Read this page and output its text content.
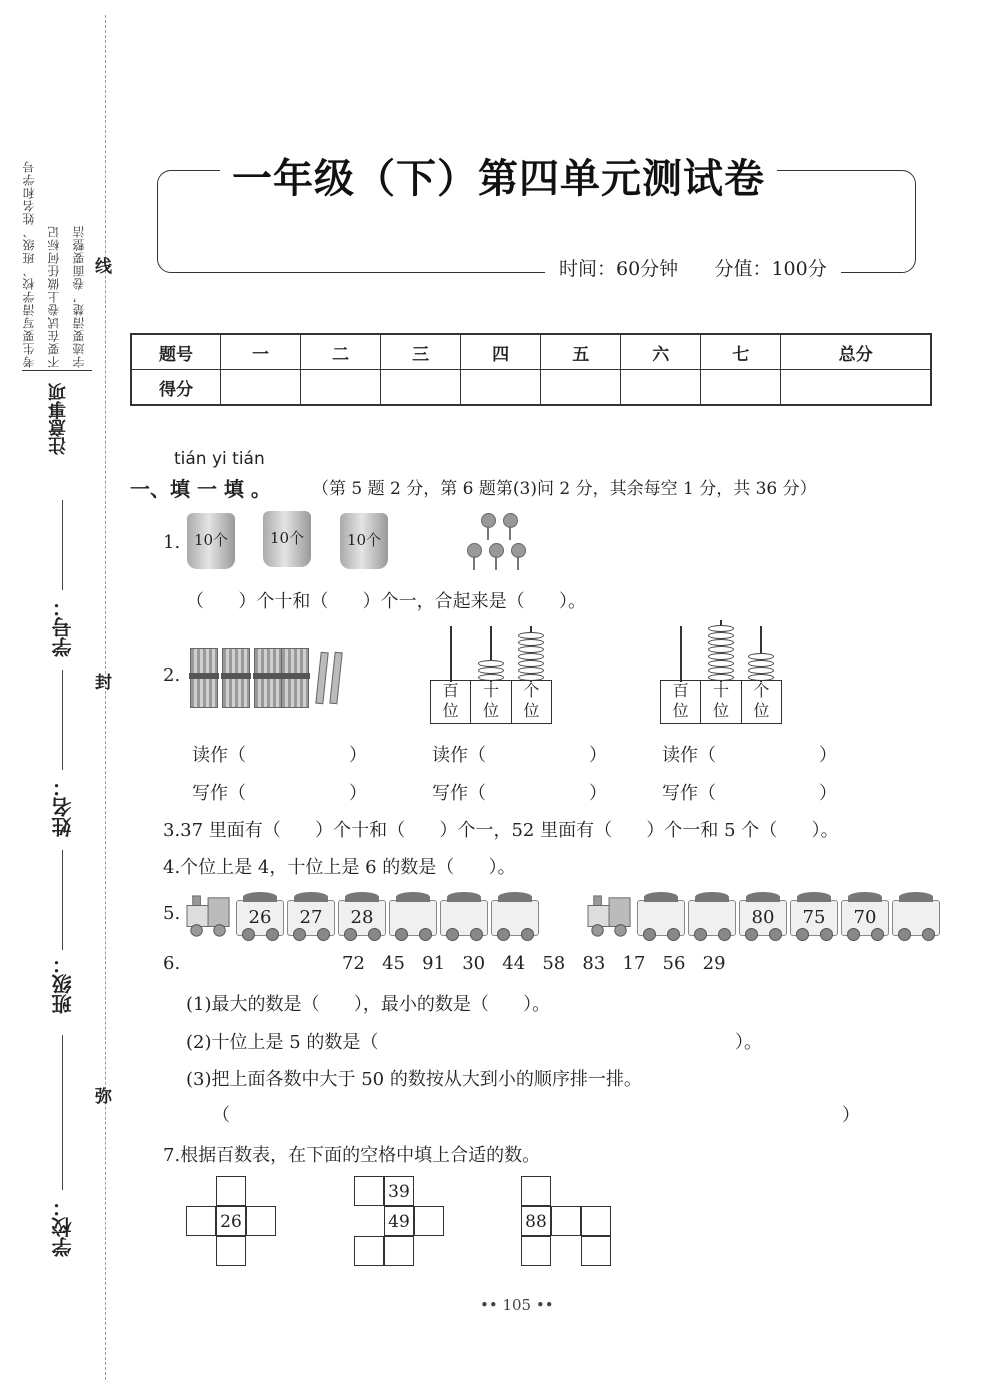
考生要写清学校、班级、姓名和学号 不要在试卷上做任何标记 字迹要清楚，卷面要整洁
注意事项
学号：
姓名：
班级：
学校：
线
封
弥
一年级（下）第四单元测试卷
时间：60分钟 分值：100分
题号	一	二	三	四	五	六	七	总分
得分								
tián yi tián
一、填 一 填 。 （第 5 题 2 分，第 6 题第(3)问 2 分，其余每空 1 分，共 36 分）
1. 10个	10个	10个
（      ）个十和（      ）个一，合起来是（      ）。
2.
百
位
十
位
个
位
百
位
十
位
个
位
读作（                  ）
写作（                  ）
读作（                  ）
写作（                  ）
读作（                  ）
写作（                  ）
3.37 里面有（      ）个十和（      ）个一，52 里面有（      ）个一和 5 个（      ）。
4.个位上是 4，十位上是 6 的数是（      ）。
5.	26	27	28	80	75	70
6.	72   45   91   30   44   58   83   17   56   29
(1)最大的数是（      ），最小的数是（      ）。
(2)十位上是 5 的数是（	）。
(3)把上面各数中大于 50 的数按从大到小的顺序排一排。
（	）
7.根据百数表，在下面的空格中填上合适的数。
26
39
49	88
•• 105 ••
